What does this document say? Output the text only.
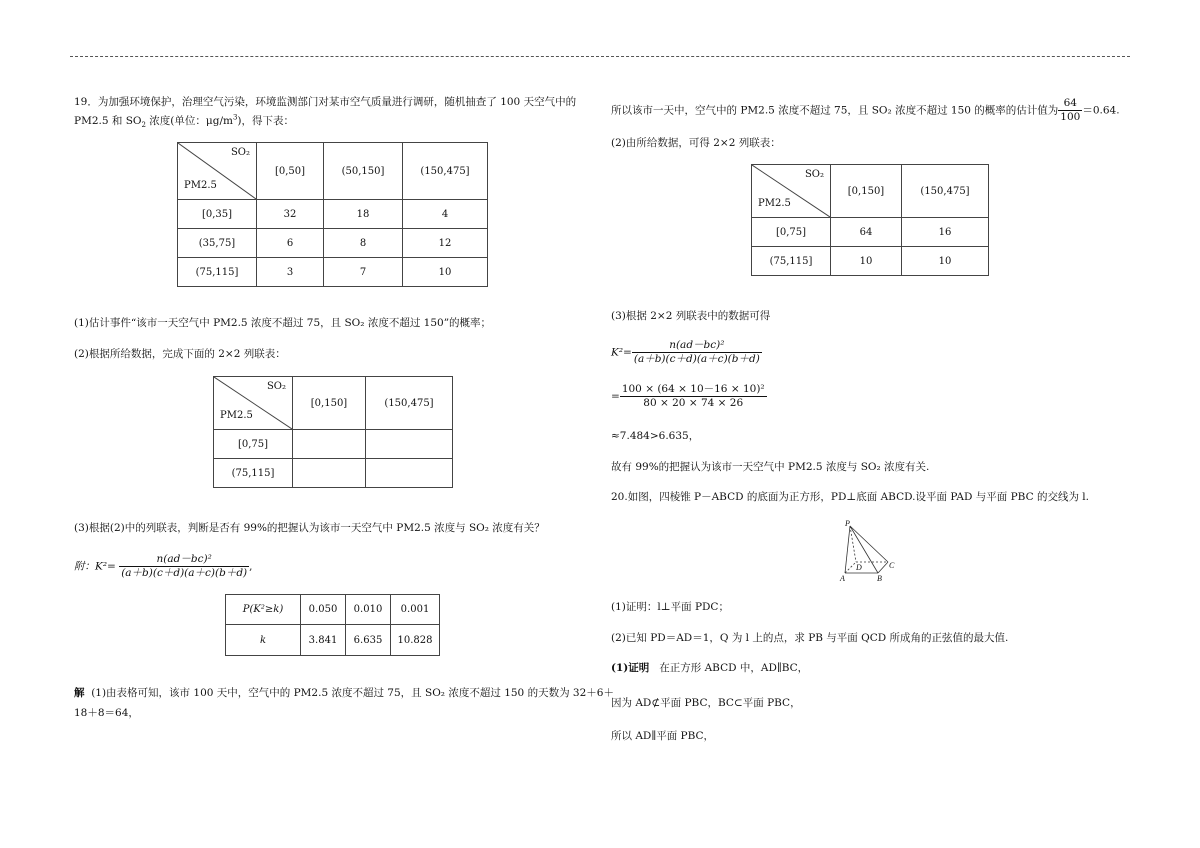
19．为加强环境保护，治理空气污染，环境监测部门对某市空气质量进行调研，随机抽查了 100 天空气中的
PM2.5 和 $SO_2$ 浓度(单位：$\mu g/m^3$)，得下表：
SO₂
PM2.5	[0,50]	(50,150]	(150,475]
[0,35]	32	18	4
(35,75]	6	8	12
(75,115]	3	7	10
(1)估计事件“该市一天空气中 PM2.5 浓度不超过 75，且 SO₂ 浓度不超过 150”的概率；
(2)根据所给数据，完成下面的 2×2 列联表：
SO₂
PM2.5	[0,150]	(150,475]
[0,75]		
(75,115]		
(3)根据(2)中的列联表，判断是否有 99%的把握认为该市一天空气中 PM2.5 浓度与 SO₂ 浓度有关？
附：$K^2= \frac{\text{n(ad－bc)²}}{(a+b)(c+d)(a+c)(b+d)}$ ,
P(K²≥k)	0.050	0.010	0.001
k	3.841	6.635	10.828
解 (1)由表格可知，该市 100 天中，空气中的 PM2.5 浓度不超过 75，且 SO₂ 浓度不超过 150 的天数为 32＋6＋
18＋8＝64，
所以该市一天中，空气中的 PM2.5 浓度不超过 75，且 SO₂ 浓度不超过 150 的概率的估计值为 $\frac{64}{100} =0.64$.
(2)由所给数据，可得 2×2 列联表：
SO₂
PM2.5	[0,150]	(150,475]
[0,75]	64	16
(75,115]	10	10
(3)根据 2×2 列联表中的数据可得
$K^2= \frac{\text{n(ad－bc)²}}{(a+b)(c+d)(a+c)(b+d)}$
= $\frac{\text{100 × (64 × 10－16 × 10)²}}{80 \times 20 \times 74 \times 26}$
≈7.484>6.635，
故有 99%的把握认为该市一天空气中 PM2.5 浓度与 SO₂ 浓度有关.
20.如图，四棱锥 P－ABCD 的底面为正方形，PD⊥底面 ABCD.设平面 PAD 与平面 PBC 的交线为 l.
P
D	C
A	B
(1)证明：l⊥平面 PDC；
(2)已知 PD＝AD＝1，Q 为 l 上的点，求 PB 与平面 QCD 所成角的正弦值的最大值.
(1)证明 在正方形 ABCD 中，AD∥BC，
因为 AD⊄平面 PBC，BC⊂平面 PBC，
所以 AD∥平面 PBC，
